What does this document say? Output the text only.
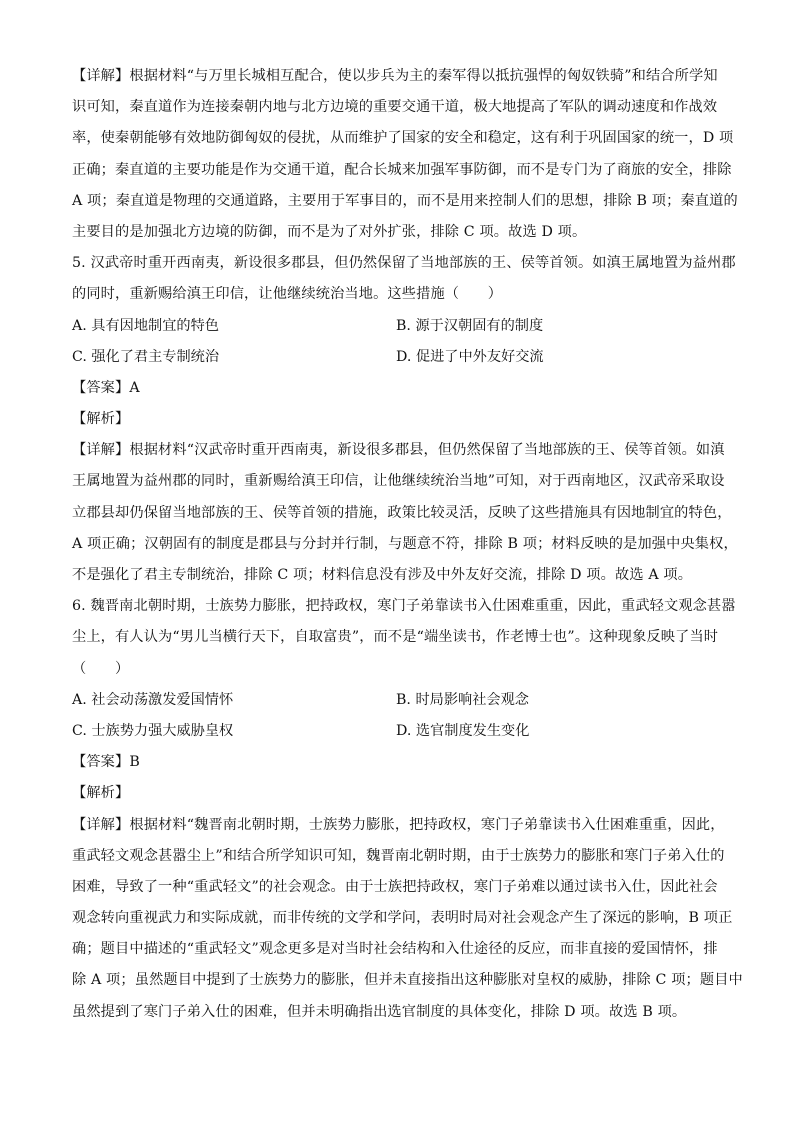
【详解】根据材料“与万里长城相互配合，使以步兵为主的秦军得以抵抗强悍的匈奴铁骑”和结合所学知
识可知，秦直道作为连接秦朝内地与北方边境的重要交通干道，极大地提高了军队的调动速度和作战效
率，使秦朝能够有效地防御匈奴的侵扰，从而维护了国家的安全和稳定，这有利于巩固国家的统一，D 项
正确；秦直道的主要功能是作为交通干道，配合长城来加强军事防御，而不是专门为了商旅的安全，排除
A 项；秦直道是物理的交通道路，主要用于军事目的，而不是用来控制人们的思想，排除 B 项；秦直道的
主要目的是加强北方边境的防御，而不是为了对外扩张，排除 C 项。故选 D 项。
5. 汉武帝时重开西南夷，新设很多郡县，但仍然保留了当地部族的王、侯等首领。如滇王属地置为益州郡
的同时，重新赐给滇王印信，让他继续统治当地。这些措施（　　）
A. 具有因地制宜的特色	B. 源于汉朝固有的制度
C. 强化了君主专制统治	D. 促进了中外友好交流
【答案】A
【解析】
【详解】根据材料“汉武帝时重开西南夷，新设很多郡县，但仍然保留了当地部族的王、侯等首领。如滇
王属地置为益州郡的同时，重新赐给滇王印信，让他继续统治当地”可知，对于西南地区，汉武帝采取设
立郡县却仍保留当地部族的王、侯等首领的措施，政策比较灵活，反映了这些措施具有因地制宜的特色，
A 项正确；汉朝固有的制度是郡县与分封并行制，与题意不符，排除 B 项；材料反映的是加强中央集权，
不是强化了君主专制统治，排除 C 项；材料信息没有涉及中外友好交流，排除 D 项。故选 A 项。
6. 魏晋南北朝时期，士族势力膨胀，把持政权，寒门子弟靠读书入仕困难重重，因此，重武轻文观念甚嚣
尘上，有人认为“男儿当横行天下，自取富贵”，而不是“端坐读书，作老博士也”。这种现象反映了当时
（　　）
A. 社会动荡激发爱国情怀	B. 时局影响社会观念
C. 士族势力强大威胁皇权	D. 选官制度发生变化
【答案】B
【解析】
【详解】根据材料“魏晋南北朝时期，士族势力膨胀，把持政权，寒门子弟靠读书入仕困难重重，因此，
重武轻文观念甚嚣尘上”和结合所学知识可知，魏晋南北朝时期，由于士族势力的膨胀和寒门子弟入仕的
困难，导致了一种“重武轻文”的社会观念。由于士族把持政权，寒门子弟难以通过读书入仕，因此社会
观念转向重视武力和实际成就，而非传统的文学和学问，表明时局对社会观念产生了深远的影响，B 项正
确；题目中描述的“重武轻文”观念更多是对当时社会结构和入仕途径的反应，而非直接的爱国情怀，排
除 A 项；虽然题目中提到了士族势力的膨胀，但并未直接指出这种膨胀对皇权的威胁，排除 C 项；题目中
虽然提到了寒门子弟入仕的困难，但并未明确指出选官制度的具体变化，排除 D 项。故选 B 项。
